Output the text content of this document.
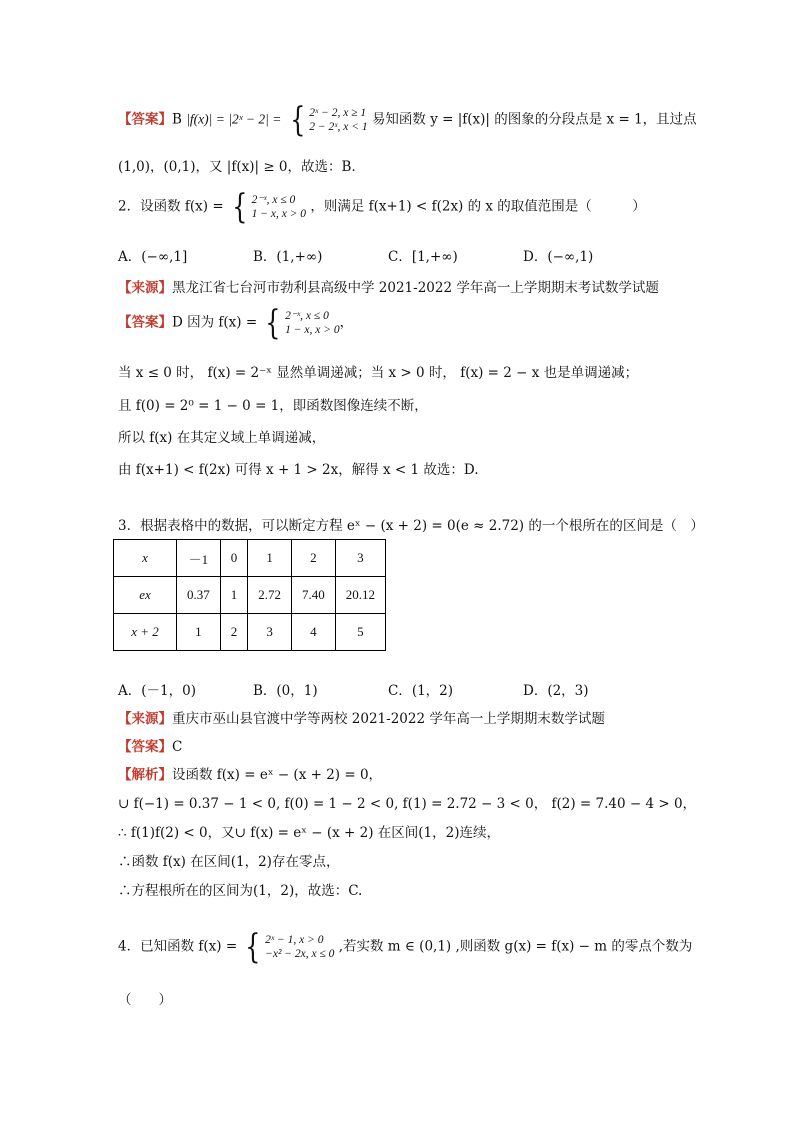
【答案】B |f(x)| = |2ˣ − 2| = { 2ˣ − 2, x ≥ 1
2 − 2ˣ, x < 1 易知函数 y = |f(x)| 的图象的分段点是 x = 1，且过点
(1,0)，(0,1)，又 |f(x)| ≥ 0，故选：B．
2．设函数 f(x) = { 2⁻ˣ, x ≤ 0
1 − x, x > 0 ，则满足 f(x+1) < f(2x) 的 x 的取值范围是（　　　）
A．(−∞,1]	B．(1,+∞)	C．[1,+∞)	D．(−∞,1)
【来源】黑龙江省七台河市勃利县高级中学 2021-2022 学年高一上学期期末考试数学试题
【答案】D 因为 f(x) = { 2⁻ˣ, x ≤ 0
1 − x, x > 0 ，
当 x ≤ 0 时， f(x) = 2⁻ˣ 显然单调递减；当 x > 0 时， f(x) = 2 − x 也是单调递减；
且 f(0) = 2⁰ = 1 − 0 = 1，即函数图像连续不断，
所以 f(x) 在其定义域上单调递减，
由 f(x+1) < f(2x) 可得 x + 1 > 2x，解得 x < 1 故选：D.
3．根据表格中的数据，可以断定方程 eˣ − (x + 2) = 0(e ≈ 2.72) 的一个根所在的区间是（　）
x	－1	0	1	2	3
ex	0.37	1	2.72	7.40	20.12
x + 2	1	2	3	4	5
A．(－1，0)	B．(0，1)	C．(1，2)	D．(2，3)
【来源】重庆市巫山县官渡中学等两校 2021-2022 学年高一上学期期末数学试题
【答案】C
【解析】设函数 f(x) = eˣ − (x + 2) = 0，
∪ f(−1) = 0.37 − 1 < 0, f(0) = 1 − 2 < 0, f(1) = 2.72 − 3 < 0， f(2) = 7.40 − 4 > 0，
∴ f(1)f(2) < 0，又∪ f(x) = eˣ − (x + 2) 在区间(1，2)连续，
∴函数 f(x) 在区间(1，2)存在零点，
∴方程根所在的区间为(1，2)，故选：C.
4．已知函数 f(x) = { 2ˣ − 1, x > 0
−x² − 2x, x ≤ 0 ,若实数 m ∈ (0,1) ,则函数 g(x) = f(x) − m 的零点个数为
（　　）
